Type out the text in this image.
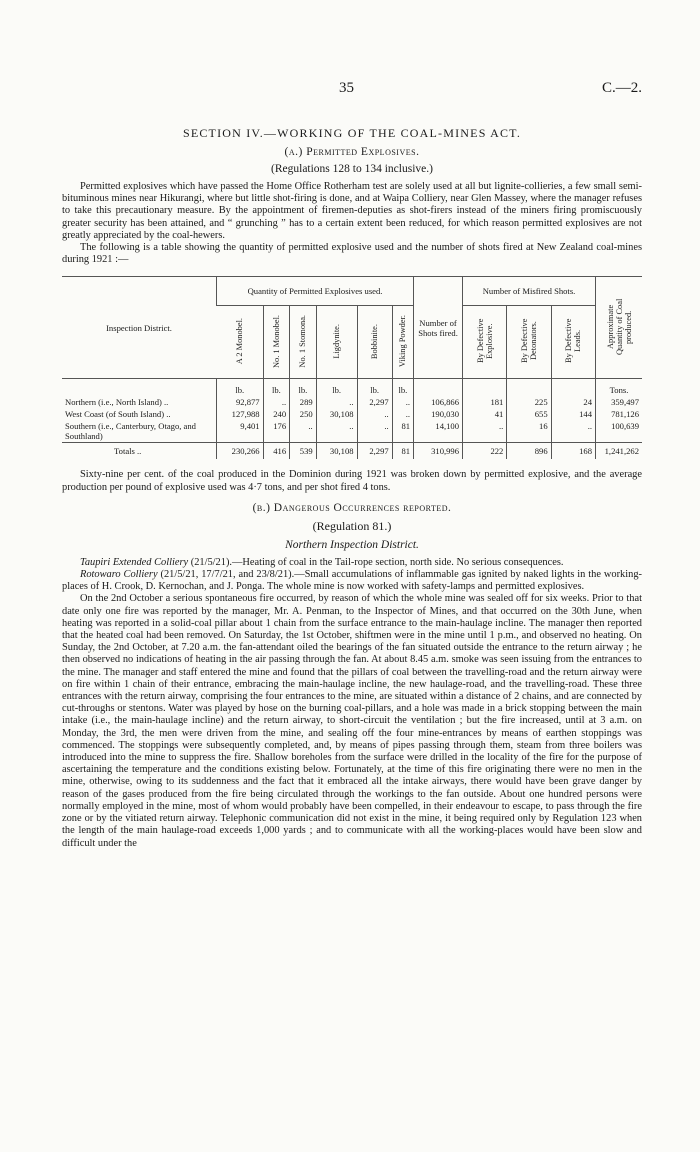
35	C.—2.
SECTION IV.—WORKING OF THE COAL-MINES ACT.
(a.) Permitted Explosives.
(Regulations 128 to 134 inclusive.)

Permitted explosives which have passed the Home Office Rotherham test are solely used at all but lignite-collieries, a few small semi-bituminous mines near Hikurangi, where but little shot-firing is done, and at Waipa Colliery, near Glen Massey, where the manager refuses to take this precautionary measure. By the appointment of firemen-deputies as shot-firers instead of the miners firing promiscuously greater security has been attained, and “ grunching ” has to a certain extent been reduced, for which reason permitted explosives are not greatly appreciated by the coal-hewers.

The following is a table showing the quantity of permitted explosive used and the number of shots fired at New Zealand coal-mines during 1921 :—

Inspection District.	Quantity of Permitted Explosives used.						Number of Shots fired.	Number of Misfired Shots.			Approximate Quantity of Coal produced.
	A 2 Monobel.	No. 1 Monobel.	No. 1 Stomona.	Ligdynite.	Bobbinite.	Viking Powder.		By Defective Explosive.	By Defective Detonators.	By Defective Leads.	
	lb.	lb.	lb.	lb.	lb.	lb.					Tons.
Northern (i.e., North Island) ..	92,877	..	289	..	2,297	..	106,866	181	225	24	359,497
West Coast (of South Island) ..	127,988	240	250	30,108	..	..	190,030	41	655	144	781,126
Southern (i.e., Canterbury, Otago, and Southland)	9,401	176	..	..	..	81	14,100	..	16	..	100,639
Totals ..	230,266	416	539	30,108	2,297	81	310,996	222	896	168	1,241,262

Sixty-nine per cent. of the coal produced in the Dominion during 1921 was broken down by permitted explosive, and the average production per pound of explosive used was 4·7 tons, and per shot fired 4 tons.

(b.) Dangerous Occurrences reported.
(Regulation 81.)
Northern Inspection District.

Taupiri Extended Colliery (21/5/21).—Heating of coal in the Tail-rope section, north side. No serious consequences.

Rotowaro Colliery (21/5/21, 17/7/21, and 23/8/21).—Small accumulations of inflammable gas ignited by naked lights in the working-places of H. Crook, D. Kernochan, and J. Ponga. The whole mine is now worked with safety-lamps and permitted explosives.

On the 2nd October a serious spontaneous fire occurred, by reason of which the whole mine was sealed off for six weeks. Prior to that date only one fire was reported by the manager, Mr. A. Penman, to the Inspector of Mines, and that occurred on the 30th June, when heating was reported in a solid-coal pillar about 1 chain from the surface entrance to the main-haulage incline. The manager then reported that the heated coal had been removed. On Saturday, the 1st October, shiftmen were in the mine until 1 p.m., and observed no heating. On Sunday, the 2nd October, at 7.20 a.m. the fan-attendant oiled the bearings of the fan situated outside the entrance to the return airway ; he then observed no indications of heating in the air passing through the fan. At about 8.45 a.m. smoke was seen issuing from the entrances to the mine. The manager and staff entered the mine and found that the pillars of coal between the travelling-road and the return airway were on fire within 1 chain of their entrance, embracing the main-haulage incline, the new haulage-road, and the travelling-road. These three entrances with the return airway, comprising the four entrances to the mine, are situated within a distance of 2 chains, and are connected by cut-throughs or stentons. Water was played by hose on the burning coal-pillars, and a hole was made in a brick stopping between the main intake (i.e., the main-haulage incline) and the return airway, to short-circuit the ventilation ; but the fire increased, until at 3 a.m. on Monday, the 3rd, the men were driven from the mine, and sealing off the four mine-entrances by means of earthen stoppings was commenced. The stoppings were subsequently completed, and, by means of pipes passing through them, steam from three boilers was introduced into the mine to suppress the fire. Shallow boreholes from the surface were drilled in the locality of the fire for the purpose of ascertaining the temperature and the conditions existing below. Fortunately, at the time of this fire originating there were no men in the mine, otherwise, owing to its suddenness and the fact that it embraced all the intake airways, there would have been grave danger by reason of the gases produced from the fire being circulated through the workings to the fan outside. About one hundred persons were normally employed in the mine, most of whom would probably have been compelled, in their endeavour to escape, to pass through the fire zone or by the vitiated return airway. Telephonic communication did not exist in the mine, it being required only by Regulation 123 when the length of the main haulage-road exceeds 1,000 yards ; and to communicate with all the working-places would have been slow and difficult under the
